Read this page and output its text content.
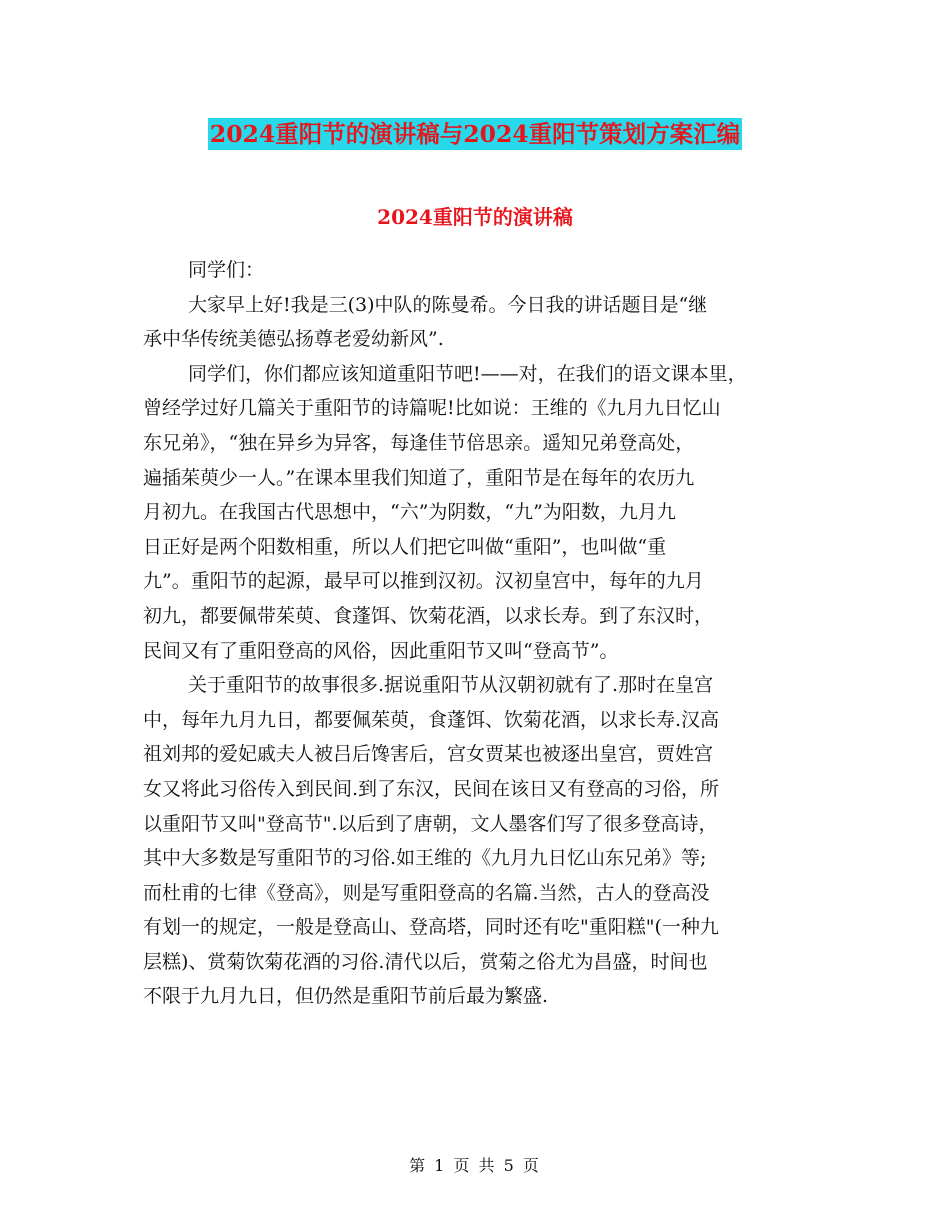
2024重阳节的演讲稿与2024重阳节策划方案汇编
2024重阳节的演讲稿
同学们：
大家早上好!我是三(3)中队的陈曼希。今日我的讲话题目是“继
承中华传统美德弘扬尊老爱幼新风”.
同学们，你们都应该知道重阳节吧!——对，在我们的语文课本里，
曾经学过好几篇关于重阳节的诗篇呢!比如说：王维的《九月九日忆山
东兄弟》，“独在异乡为异客，每逢佳节倍思亲。遥知兄弟登高处，
遍插茱萸少一人。”在课本里我们知道了，重阳节是在每年的农历九
月初九。在我国古代思想中，“六”为阴数，“九”为阳数，九月九
日正好是两个阳数相重，所以人们把它叫做“重阳”，也叫做“重
九”。重阳节的起源，最早可以推到汉初。汉初皇宫中，每年的九月
初九，都要佩带茱萸、食蓬饵、饮菊花酒，以求长寿。到了东汉时，
民间又有了重阳登高的风俗，因此重阳节又叫“登高节”。
关于重阳节的故事很多.据说重阳节从汉朝初就有了.那时在皇宫
中，每年九月九日，都要佩茱萸，食蓬饵、饮菊花酒，以求长寿.汉高
祖刘邦的爱妃戚夫人被吕后馋害后，宫女贾某也被逐出皇宫，贾姓宫
女又将此习俗传入到民间.到了东汉，民间在该日又有登高的习俗，所
以重阳节又叫"登高节".以后到了唐朝，文人墨客们写了很多登高诗，
其中大多数是写重阳节的习俗.如王维的《九月九日忆山东兄弟》等;
而杜甫的七律《登高》，则是写重阳登高的名篇.当然，古人的登高没
有划一的规定，一般是登高山、登高塔，同时还有吃"重阳糕"(一种九
层糕)、赏菊饮菊花酒的习俗.清代以后，赏菊之俗尤为昌盛，时间也
不限于九月九日，但仍然是重阳节前后最为繁盛.
第 1 页 共 5 页
